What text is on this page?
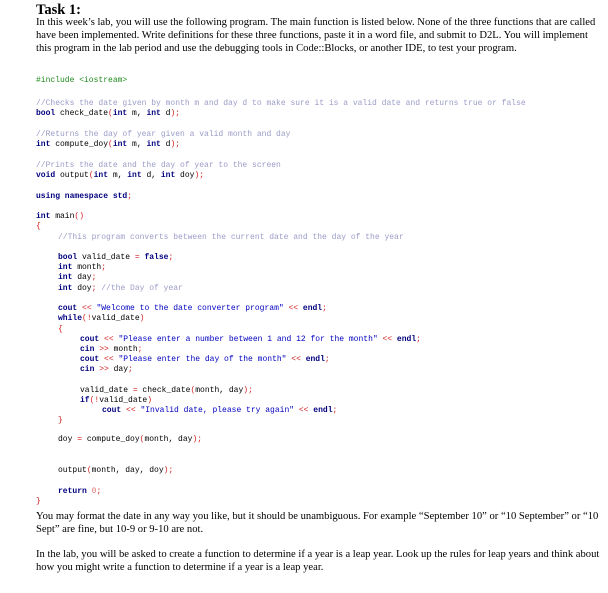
Task 1:

In this week’s lab, you will use the following program. The main function is listed below. None of the three functions that are called have been implemented. Write definitions for these three functions, paste it in a word file, and submit to D2L. You will implement this program in the lab period and use the debugging tools in Code::Blocks, or another IDE, to test your program.

#include <iostream>
//Checks the date given by month m and day d to make sure it is a valid date and returns true or false
bool check_date(int m, int d);
//Returns the day of year given a valid month and day
int compute_doy(int m, int d);
//Prints the date and the day of year to the screen
void output(int m, int d, int doy);
using namespace std;
int main()
{
//This program converts between the current date and the day of the year
bool valid_date = false;
int month;
int day;
int doy; //the Day of year
cout << "Welcome to the date converter program" << endl;
while(!valid_date)
{
cout << "Please enter a number between 1 and 12 for the month" << endl;
cin >> month;
cout << "Please enter the day of the month" << endl;
cin >> day;
valid_date = check_date(month, day);
if(!valid_date)
cout << "Invalid date, please try again" << endl;
}
doy = compute_doy(month, day);
output(month, day, doy);
return 0;
}

You may format the date in any way you like, but it should be unambiguous. For example “September 10” or “10 September” or “10 Sept” are fine, but 10-9 or 9-10 are not.

In the lab, you will be asked to create a function to determine if a year is a leap year. Look up the rules for leap years and think about how you might write a function to determine if a year is a leap year.
